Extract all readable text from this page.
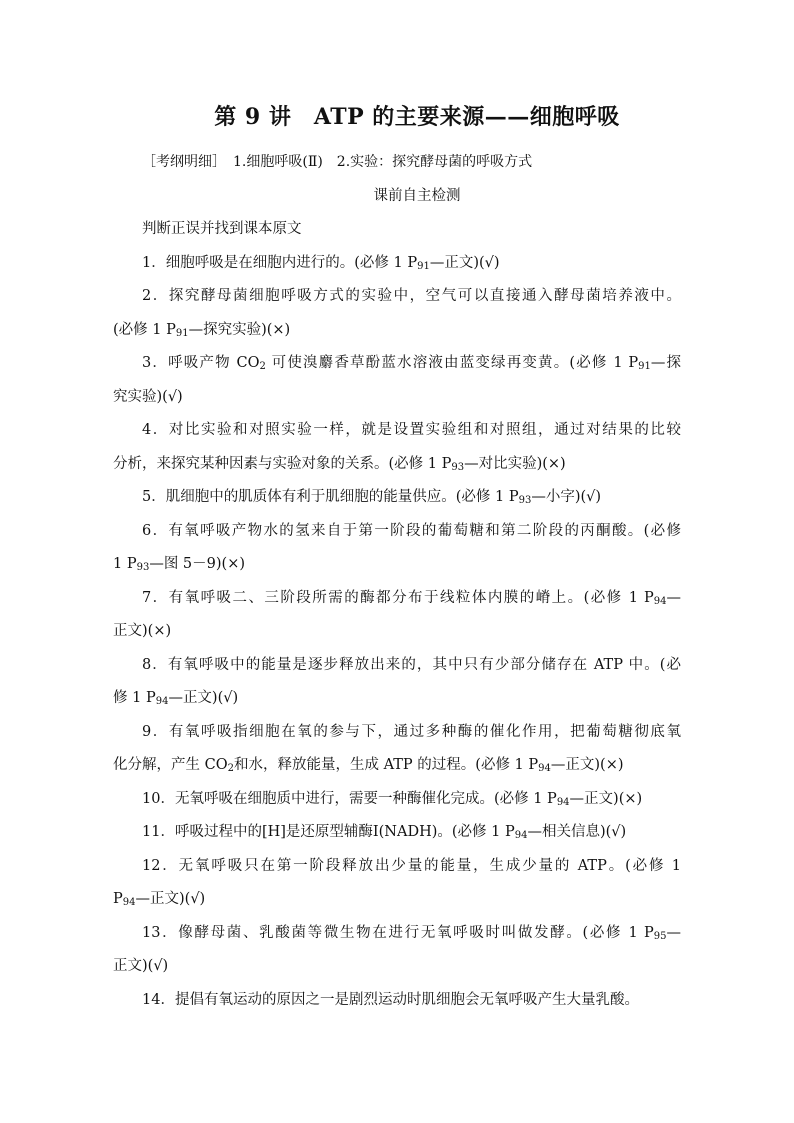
第 9 讲　ATP 的主要来源——细胞呼吸
［考纲明细］　1.细胞呼吸(Ⅱ)　2.实验：探究酵母菌的呼吸方式
课前自主检测
判断正误并找到课本原文
1．细胞呼吸是在细胞内进行的。(必修 1 $P_{91}—$正文)(√)
2．探究酵母菌细胞呼吸方式的实验中，空气可以直接通入酵母菌培养液中。
(必修 1 $P_{91}—$探究实验)(×)
3．呼吸产物 $CO_2$ 可使溴麝香草酚蓝水溶液由蓝变绿再变黄。(必修 1 $P_{91}—$探
究实验)(√)
4．对比实验和对照实验一样，就是设置实验组和对照组，通过对结果的比较
分析，来探究某种因素与实验对象的关系。(必修 1 $P_{93}—$对比实验)(×)
5．肌细胞中的肌质体有利于肌细胞的能量供应。(必修 1 $P_{93}—$小字)(√)
6．有氧呼吸产物水的氢来自于第一阶段的葡萄糖和第二阶段的丙酮酸。(必修
1 $P_{93}—$图 5－9)(×)
7．有氧呼吸二、三阶段所需的酶都分布于线粒体内膜的嵴上。(必修 1 $P_{94}—$
正文)(×)
8．有氧呼吸中的能量是逐步释放出来的，其中只有少部分储存在 ATP 中。(必
修 1 $P_{94}—$正文)(√)
9．有氧呼吸指细胞在氧的参与下，通过多种酶的催化作用，把葡萄糖彻底氧
化分解，产生 $CO_2$和水，释放能量，生成 ATP 的过程。(必修 1 $P_{94}—$正文)(×)
10．无氧呼吸在细胞质中进行，需要一种酶催化完成。(必修 1 $P_{94}—$正文)(×)
11．呼吸过程中的[H]是还原型辅酶Ⅰ(NADH)。(必修 1 $P_{94}—$相关信息)(√)
12．无氧呼吸只在第一阶段释放出少量的能量，生成少量的 ATP。(必修 1
$P_{94}—$正文)(√)
13．像酵母菌、乳酸菌等微生物在进行无氧呼吸时叫做发酵。(必修 1 $P_{95}—$
正文)(√)
14．提倡有氧运动的原因之一是剧烈运动时肌细胞会无氧呼吸产生大量乳酸。
